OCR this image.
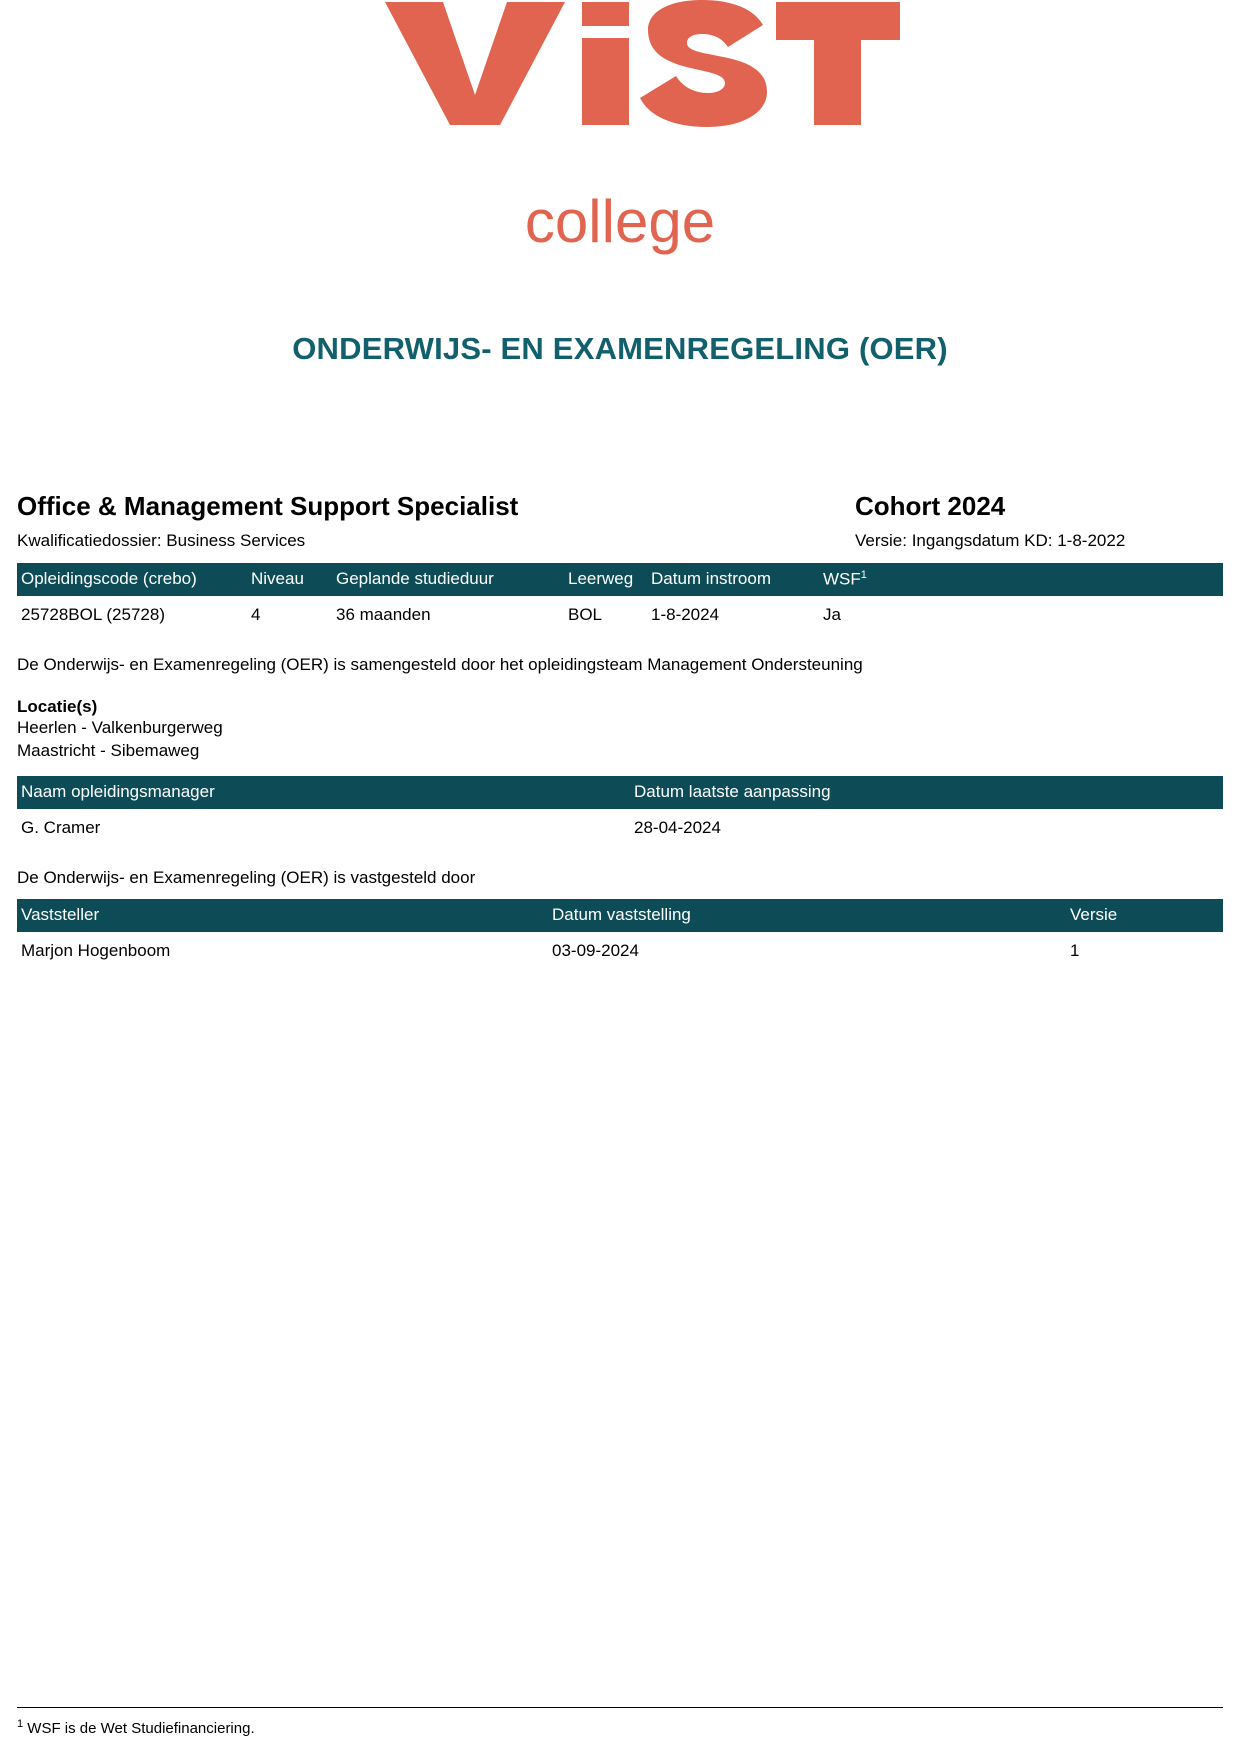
college
ONDERWIJS- EN EXAMENREGELING (OER)
Office & Management Support Specialist	Cohort 2024
Kwalificatiedossier: Business Services	Versie: Ingangsdatum KD: 1-8-2022
Opleidingscode (crebo)	Niveau	Geplande studieduur	Leerweg	Datum instroom	WSF$^1$
25728BOL (25728)	4	36 maanden	BOL	1-8-2024	Ja
De Onderwijs- en Examenregeling (OER) is samengesteld door het opleidingsteam Management Ondersteuning
Locatie(s)
Heerlen - Valkenburgerweg
Maastricht - Sibemaweg
Naam opleidingsmanager	Datum laatste aanpassing
G. Cramer	28-04-2024
De Onderwijs- en Examenregeling (OER) is vastgesteld door
Vaststeller	Datum vaststelling	Versie
Marjon Hogenboom	03-09-2024	1
$^1$ WSF is de Wet Studiefinanciering.
